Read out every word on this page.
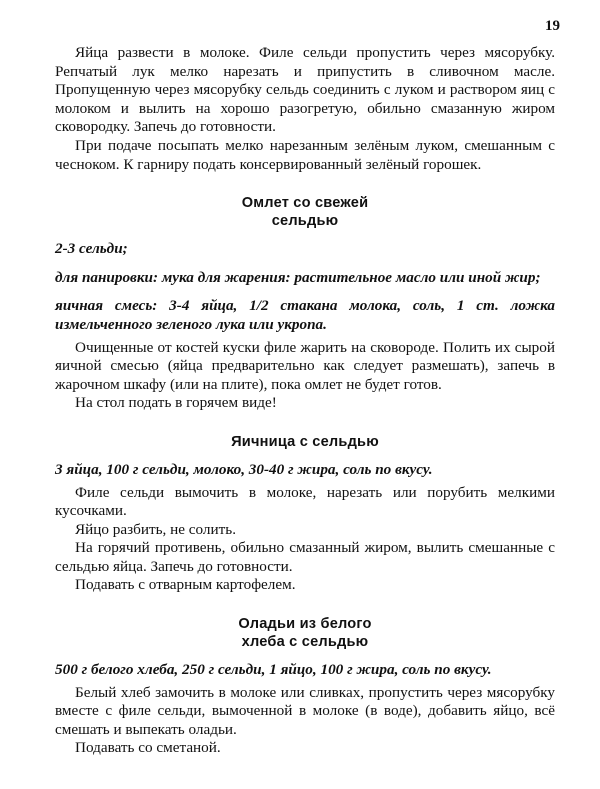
19

Яйца развести в молоке. Филе сельди пропустить через мясорубку. Репчатый лук мелко нарезать и припустить в сливочном масле. Пропущенную через мясорубку сельдь соединить с луком и раствором яиц с молоком и вылить на хорошо разогретую, обильно смазанную жиром сковородку. Запечь до готовности.

При подаче посыпать мелко нарезанным зелёным луком, смешанным с чесноком. К гарниру подать консервированный зелёный горошек.

Омлет со свежей
сельдью

2-3 сельди;

для панировки: мука для жарения: растительное масло или иной жир;

яичная смесь: 3-4 яйца, 1/2 стакана молока, соль, 1 ст. ложка измельченного зеленого лука или укропа.

Очищенные от костей куски филе жарить на сковороде. Полить их сырой яичной смесью (яйца предварительно как следует размешать), запечь в жарочном шкафу (или на плите), пока омлет не будет готов.

На стол подать в горячем виде!

Яичница с сельдью

3 яйца, 100 г сельди, молоко, 30-40 г жира, соль по вкусу.

Филе сельди вымочить в молоке, нарезать или порубить мелкими кусочками.

Яйцо разбить, не солить.

На горячий противень, обильно смазанный жиром, вылить смешанные с сельдью яйца. Запечь до готовности.

Подавать с отварным картофелем.

Оладьи из белого
хлеба с сельдью

500 г белого хлеба, 250 г сельди, 1 яйцо, 100 г жира, соль по вкусу.

Белый хлеб замочить в молоке или сливках, пропустить через мясорубку вместе с филе сельди, вымоченной в молоке (в воде), добавить яйцо, всё смешать и выпекать оладьи.

Подавать со сметаной.
